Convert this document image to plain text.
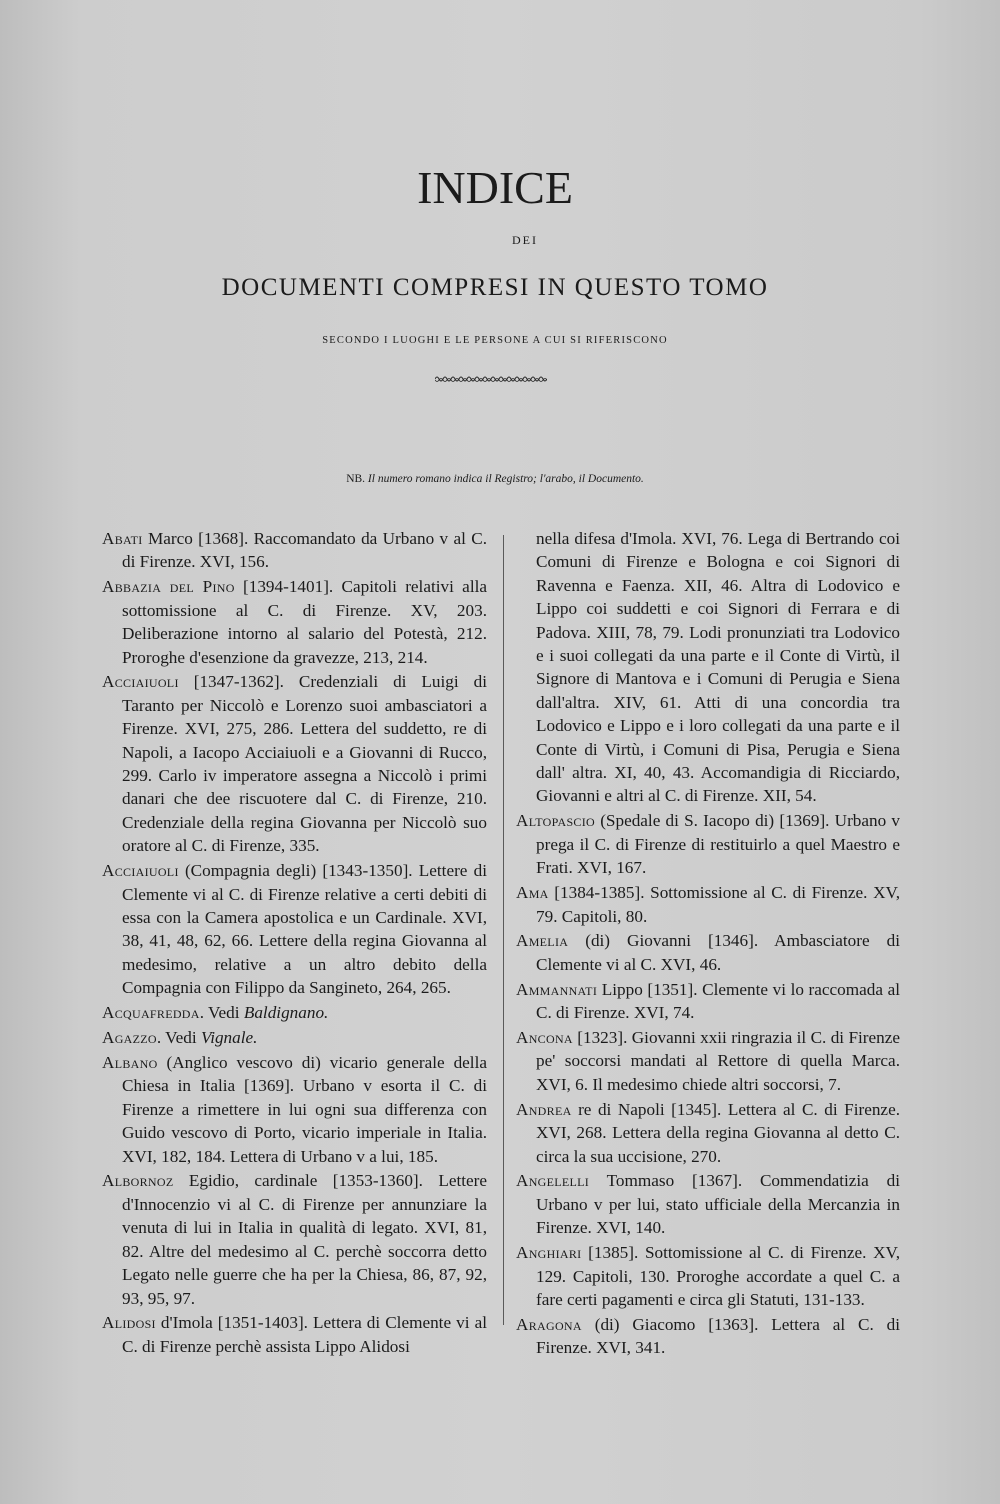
INDICE
DEI
DOCUMENTI COMPRESI IN QUESTO TOMO
SECONDO I LUOGHI E LE PERSONE A CUI SI RIFERISCONO
NB. Il numero romano indica il Registro; l'arabo, il Documento.

Abati Marco [1368]. Raccomandato da Urbano v al C. di Firenze. XVI, 156.

Abbazia del Pino [1394-1401]. Capitoli relativi alla sottomissione al C. di Firenze. XV, 203. Deliberazione intorno al salario del Potestà, 212. Proroghe d'esenzione da gravezze, 213, 214.

Acciaiuoli [1347-1362]. Credenziali di Luigi di Taranto per Niccolò e Lorenzo suoi ambasciatori a Firenze. XVI, 275, 286. Lettera del suddetto, re di Napoli, a Iacopo Acciaiuoli e a Giovanni di Rucco, 299. Carlo iv imperatore assegna a Niccolò i primi danari che dee riscuotere dal C. di Firenze, 210. Credenziale della regina Giovanna per Niccolò suo oratore al C. di Firenze, 335.

Acciaiuoli (Compagnia degli) [1343-1350]. Lettere di Clemente vi al C. di Firenze relative a certi debiti di essa con la Camera apostolica e un Cardinale. XVI, 38, 41, 48, 62, 66. Lettere della regina Giovanna al medesimo, relative a un altro debito della Compagnia con Filippo da Sangineto, 264, 265.

Acquafredda. Vedi Baldignano.

Agazzo. Vedi Vignale.

Albano (Anglico vescovo di) vicario generale della Chiesa in Italia [1369]. Urbano v esorta il C. di Firenze a rimettere in lui ogni sua differenza con Guido vescovo di Porto, vicario imperiale in Italia. XVI, 182, 184. Lettera di Urbano v a lui, 185.

Albornoz Egidio, cardinale [1353-1360]. Lettere d'Innocenzio vi al C. di Firenze per annunziare la venuta di lui in Italia in qualità di legato. XVI, 81, 82. Altre del medesimo al C. perchè soccorra detto Legato nelle guerre che ha per la Chiesa, 86, 87, 92, 93, 95, 97.

Alidosi d'Imola [1351-1403]. Lettera di Clemente vi al C. di Firenze perchè assista Lippo Alidosi

nella difesa d'Imola. XVI, 76. Lega di Bertrando coi Comuni di Firenze e Bologna e coi Signori di Ravenna e Faenza. XII, 46. Altra di Lodovico e Lippo coi suddetti e coi Signori di Ferrara e di Padova. XIII, 78, 79. Lodi pronunziati tra Lodovico e i suoi collegati da una parte e il Conte di Virtù, il Signore di Mantova e i Comuni di Perugia e Siena dall'altra. XIV, 61. Atti di una concordia tra Lodovico e Lippo e i loro collegati da una parte e il Conte di Virtù, i Comuni di Pisa, Perugia e Siena dall' altra. XI, 40, 43. Accomandigia di Ricciardo, Giovanni e altri al C. di Firenze. XII, 54.

Altopascio (Spedale di S. Iacopo di) [1369]. Urbano v prega il C. di Firenze di restituirlo a quel Maestro e Frati. XVI, 167.

Ama [1384-1385]. Sottomissione al C. di Firenze. XV, 79. Capitoli, 80.

Amelia (di) Giovanni [1346]. Ambasciatore di Clemente vi al C. XVI, 46.

Ammannati Lippo [1351]. Clemente vi lo raccomada al C. di Firenze. XVI, 74.

Ancona [1323]. Giovanni xxii ringrazia il C. di Firenze pe' soccorsi mandati al Rettore di quella Marca. XVI, 6. Il medesimo chiede altri soccorsi, 7.

Andrea re di Napoli [1345]. Lettera al C. di Firenze. XVI, 268. Lettera della regina Giovanna al detto C. circa la sua uccisione, 270.

Angelelli Tommaso [1367]. Commendatizia di Urbano v per lui, stato ufficiale della Mercanzia in Firenze. XVI, 140.

Anghiari [1385]. Sottomissione al C. di Firenze. XV, 129. Capitoli, 130. Proroghe accordate a quel C. a fare certi pagamenti e circa gli Statuti, 131-133.

Aragona (di) Giacomo [1363]. Lettera al C. di Firenze. XVI, 341.
